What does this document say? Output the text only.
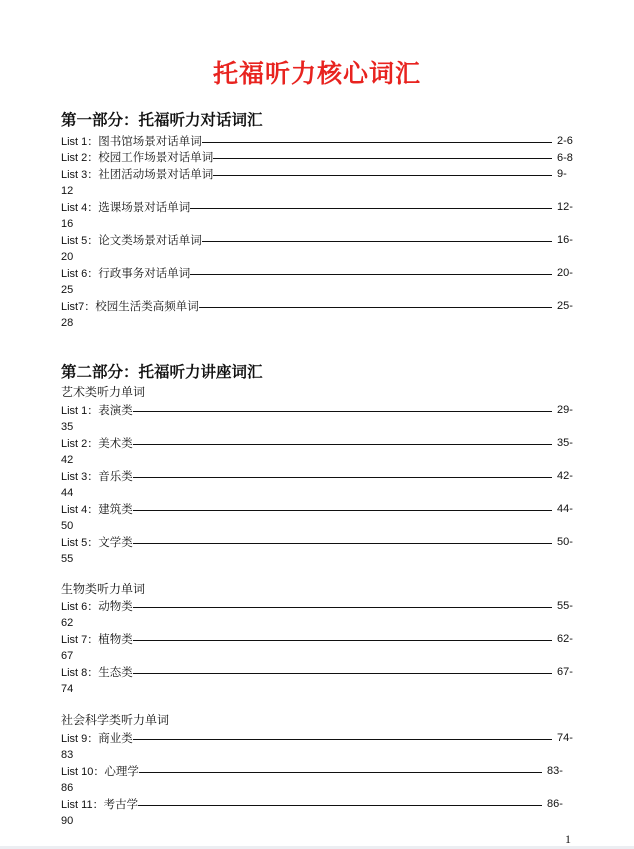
托福听力核心词汇
第一部分：托福听力对话词汇
List 1：图书馆场景对话单词	2-6
List 2：校园工作场景对话单词	6-8
List 3：社团活动场景对话单词	9-
12
List 4：选课场景对话单词	12-
16
List 5：论文类场景对话单词	16-
20
List 6：行政事务对话单词	20-
25
List7：校园生活类高频单词	25-
28
第二部分：托福听力讲座词汇
艺术类听力单词
List 1：表演类	29-
35
List 2：美术类	35-
42
List 3：音乐类	42-
44
List 4：建筑类	44-
50
List 5：文学类	50-
55
生物类听力单词
List 6：动物类	55-
62
List 7：植物类	62-
67
List 8：生态类	67-
74
社会科学类听力单词
List 9：商业类	74-
83
List 10：心理学	83-
86
List 11：考古学	86-
90
1
